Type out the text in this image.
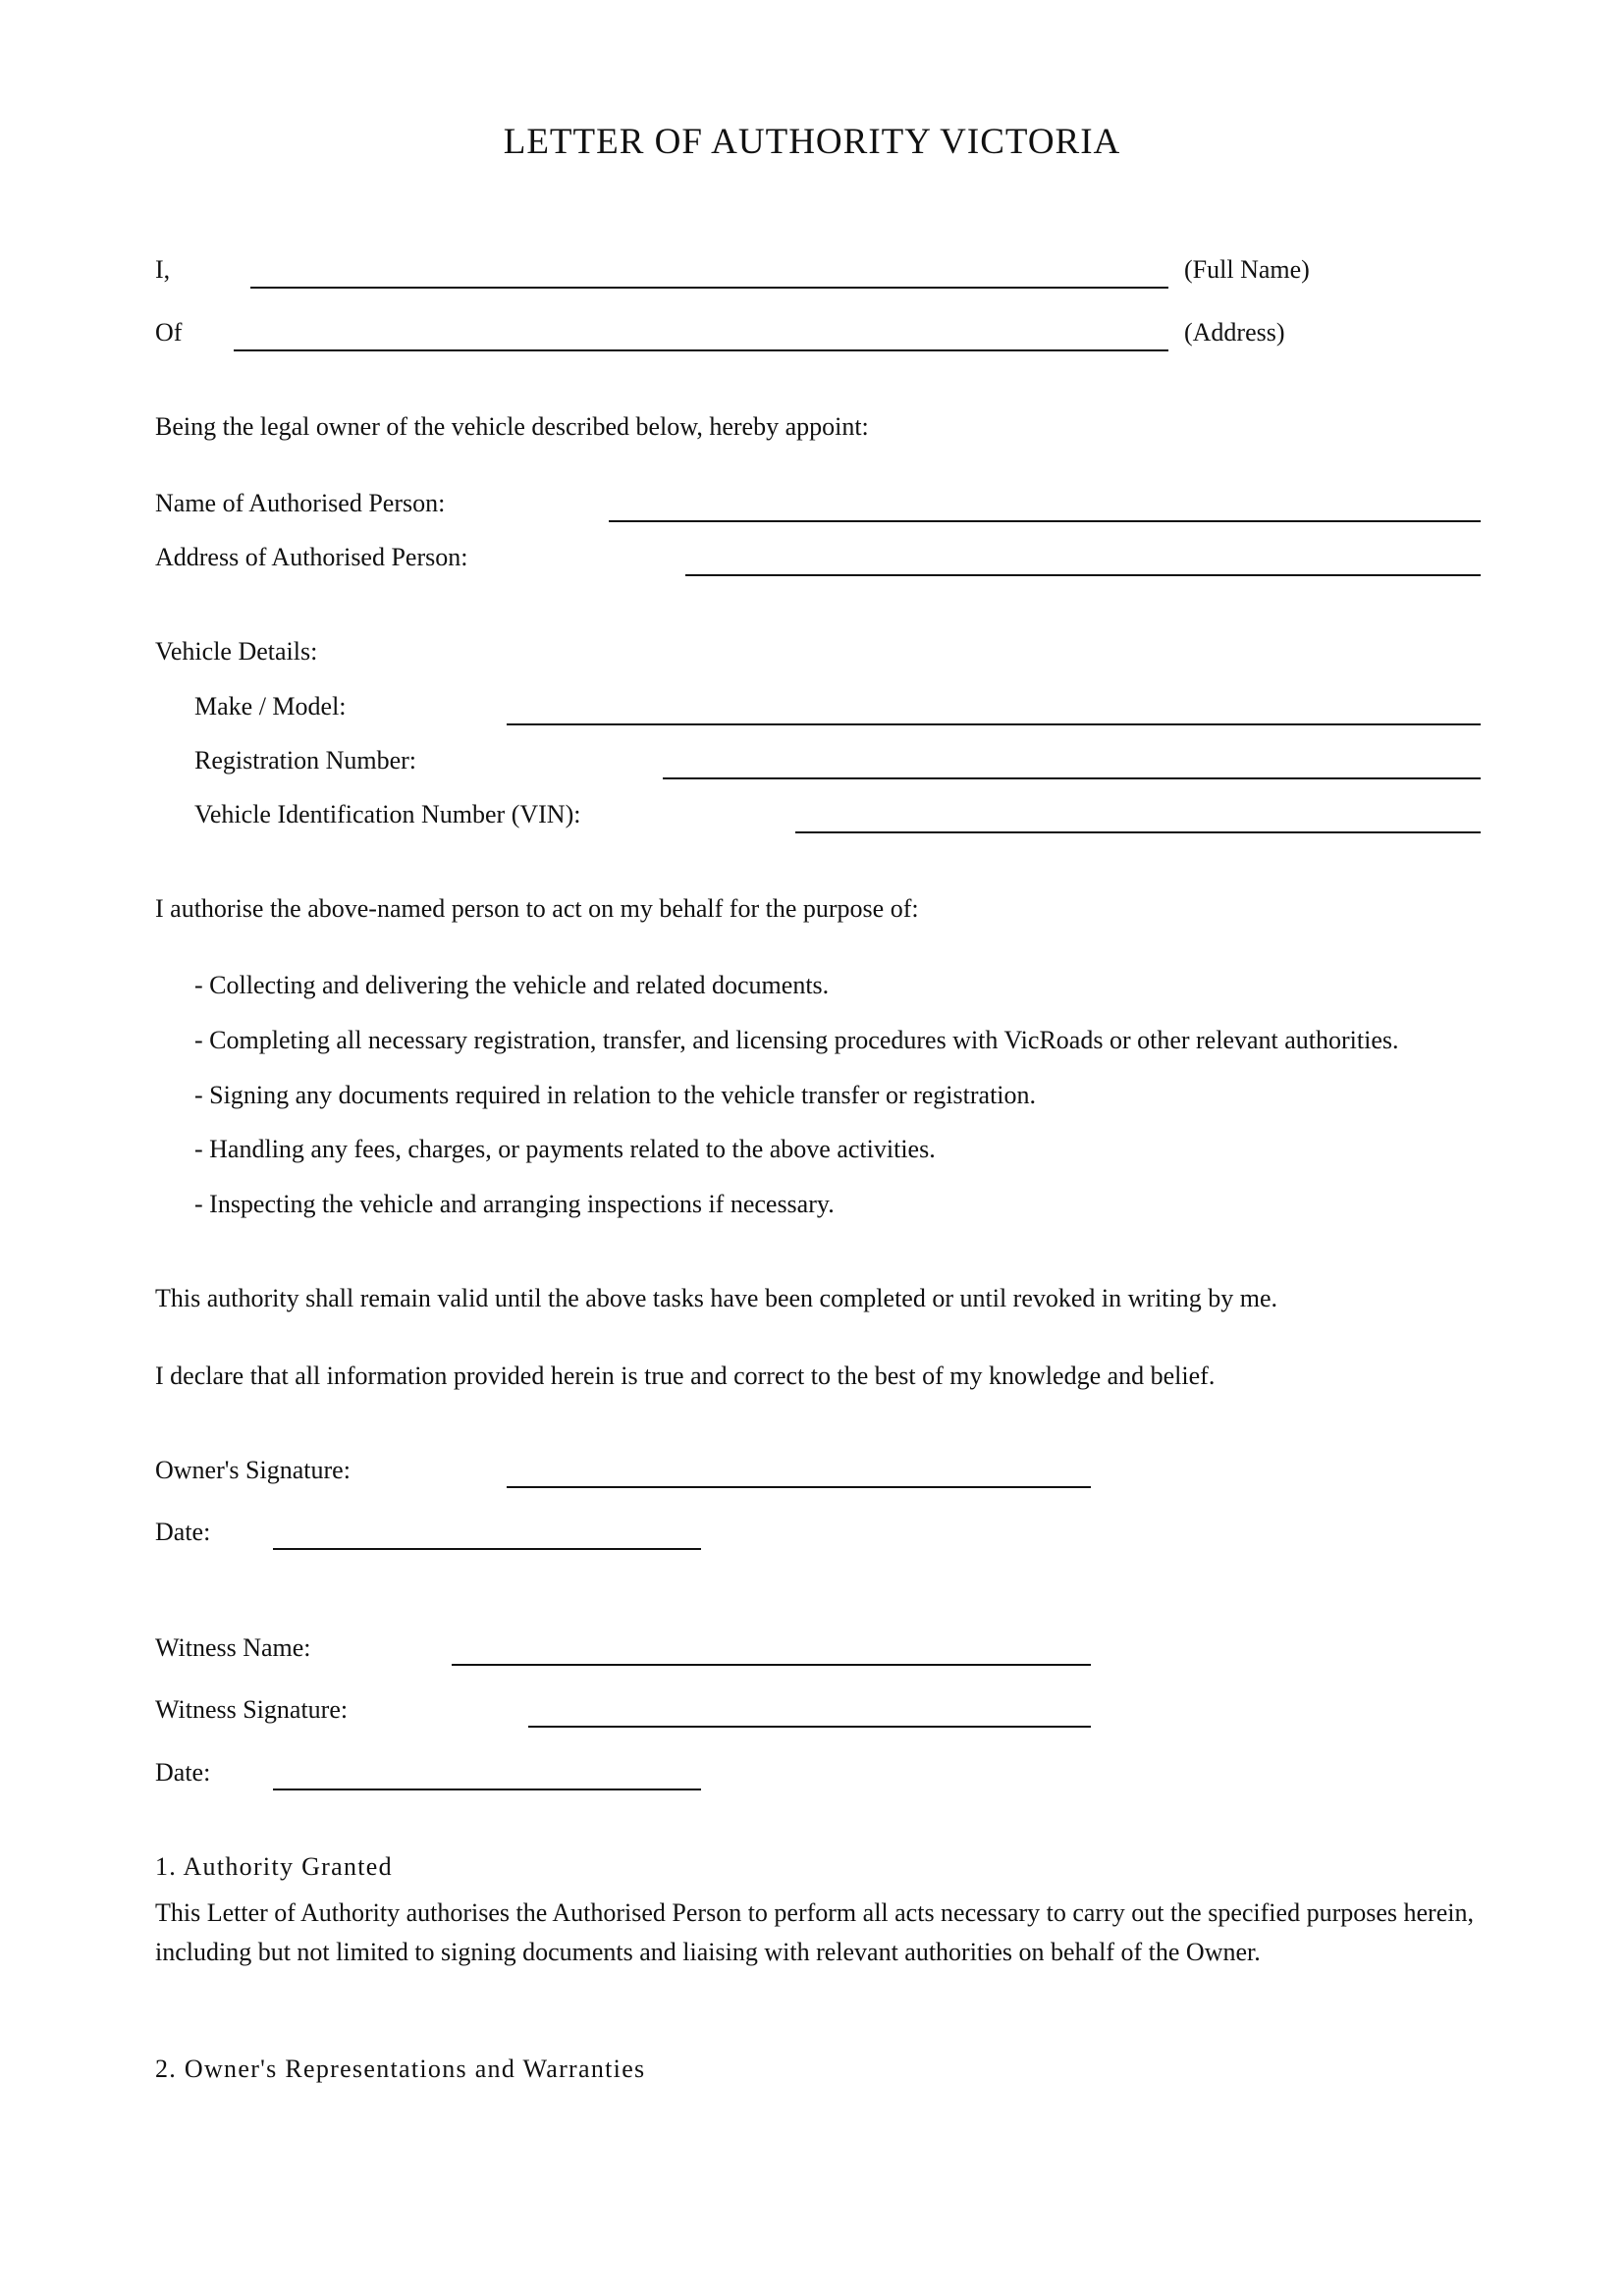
LETTER OF AUTHORITY VICTORIA
I,	(Full Name)
Of	(Address)
Being the legal owner of the vehicle described below, hereby appoint:
Name of Authorised Person:
Address of Authorised Person:
Vehicle Details:
Make / Model:
Registration Number:
Vehicle Identification Number (VIN):
I authorise the above-named person to act on my behalf for the purpose of:
- Collecting and delivering the vehicle and related documents.
- Completing all necessary registration, transfer, and licensing procedures with VicRoads or other relevant authorities.
- Signing any documents required in relation to the vehicle transfer or registration.
- Handling any fees, charges, or payments related to the above activities.
- Inspecting the vehicle and arranging inspections if necessary.
This authority shall remain valid until the above tasks have been completed or until revoked in writing by me.
I declare that all information provided herein is true and correct to the best of my knowledge and belief.
Owner's Signature:
Date:
Witness Name:
Witness Signature:
Date:
1. Authority Granted
This Letter of Authority authorises the Authorised Person to perform all acts necessary to carry out the specified purposes herein, including but not limited to signing documents and liaising with relevant authorities on behalf of the Owner.
2. Owner's Representations and Warranties
